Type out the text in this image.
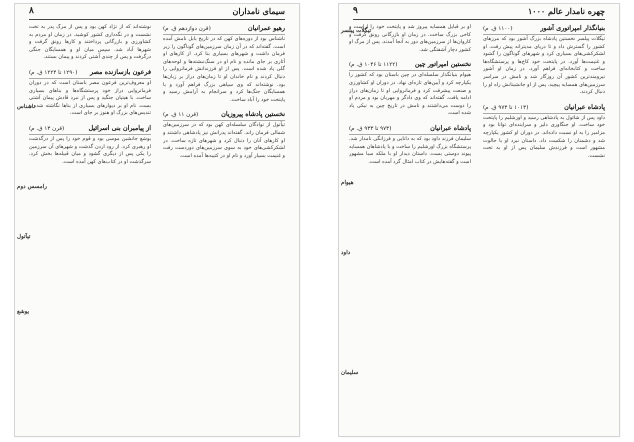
۸	سیمای نامداران
رهیو عمرانیان
(قرن دوازدهم ق. م)

ناشناس بود از دوره‌های کهن که در تاریخ بابل نامش آمده است. گفته‌اند که در آن زمان سرزمین‌های گوناگون را زیر فرمان داشت و شهرهای بسیاری بنا کرد. از کارهای او آثاری بر جای مانده و نام او در سنگ‌نبشته‌ها و لوحه‌های گلی یاد شده است. پس از او فرزندانش فرمانروایی را دنبال کردند و نام خاندان او تا زمان‌های دراز بر زبان‌ها بود. نوشته‌اند که وی سپاهی بزرگ فراهم آورد و با همسایگان جنگ‌ها کرد و سرانجام به آرامش رسید و پایتخت خود را آباد ساخت.

نخستین پادشاه پیروزیان
(قرن ۱۱ ق. م)

تیآتول از نوادگان سلسله‌ای کهن بود که در سرزمین‌های شمالی فرمان راند. گفته‌اند پدرانش نیز پادشاهی داشتند و او کارهای آنان را دنبال کرد و شهرهای تازه ساخت. در لشکرکشی‌های خود به سوی سرزمین‌های دوردست رفت و غنیمت بسیار آورد و نام او در کتیبه‌ها آمده است.

نوشته‌اند که از نژاد کهن بود و پس از مرگ پدر به تخت نشست و در نگه‌داری کشور کوشید. در زمان او مردم به کشاورزی و بازرگانی پرداختند و کارها رونق گرفت و شهرها آباد شد. سپس میان او و همسایگان جنگی درگرفت و پس از چندی آشتی کردند و پیمان بستند.

فرعون بازسازنده مصر
(۱۲۹۰ تا ۱۲۲۴ ق. م)

او معروف‌ترین فرعون مصر باستان است که در دوران فرمانروایی دراز خود پرستشگاه‌ها و بناهای بسیاری ساخت. با هیتیان جنگید و پس از نبرد قادش پیمان آشتی بست. نام او بر دیوارهای بسیاری از بناها نگاشته شده و تندیس‌های بزرگ او هنوز بر جای است.

از پیامبران بنی اسرائیل
(قرن ۱۳ ق. م)

یوشع جانشین موسی بود و قوم خود را پس از درگذشت او رهبری کرد. از رود اردن گذشت و شهرهای آن سرزمین را یکی پس از دیگری گشود و میان قبیله‌ها بخش کرد. سرگذشت او در کتاب‌های کهن آمده است.

ناشناس
تیآتول
رامسس دوم
یوشع
۹	۱۰۰۰ چهره نامدار عالم
بنیانگذار امپراتوری آشور
(۱۱۰۰ ق. م)

تیگلات پیلسر نخستین پادشاه بزرگ آشور بود که مرزهای کشور را گسترش داد و تا دریای مدیترانه پیش رفت. او لشکرکشی‌های بسیاری کرد و شهرهای گوناگون را گشود و غنیمت‌ها آورد. در پایتخت خود کاخ‌ها و پرستشگاه‌ها ساخت و کتابخانه‌ای فراهم آورد. در زمان او آشور نیرومندترین کشور آن روزگار شد و نامش در سراسر سرزمین‌های همسایه پیچید. پس از او جانشینانش راه او را دنبال کردند.

پادشاه عبرانیان
(۱۰۱۳ تا ۹۷۳ ق. م)

داود پس از شائول به پادشاهی رسید و اورشلیم را پایتخت خود ساخت. او جنگاوری دلیر و سراینده‌ای توانا بود و مزامیر را به او نسبت داده‌اند. در دوران او کشور یکپارچه شد و دشمنان را شکست داد. داستان نبرد او با جالوت مشهور است و فرزندش سلیمان پس از او به تخت نشست.

او بر قبایل همسایه پیروز شد و پایتخت خود را آراست و کاخی بزرگ ساخت. در زمان او بازرگانی رونق گرفت و کاروان‌ها از سرزمین‌های دور به آنجا آمدند. پس از مرگ او کشور دچار آشفتگی شد.

نخستین امپراتور چین
(۱۱۲۲ تا ۱۰۴۶ ق. م)

هیوام بنیانگذار سلسله‌ای در چین باستان بود که کشور را یکپارچه کرد و آیین‌های تازه‌ای نهاد. در دوران او کشاورزی و صنعت پیشرفت کرد و فرمانروایی او تا زمان‌های دراز ادامه یافت. گفته‌اند که وی دادگر و مهربان بود و مردم او را دوست می‌داشتند و نامش در تاریخ چین به نیکی یاد شده است.

پادشاه عبرانیان
(۹۷۳ تا ۹۳۳ ق. م)

سلیمان فرزند داود بود که به دانایی و فرزانگی نامدار شد. پرستشگاه بزرگ اورشلیم را ساخت و با پادشاهان همسایه پیوند دوستی بست. داستان دیدار او با ملکه سبا مشهور است و گفته‌هایش در کتاب امثال گرد آمده است.

تیگلات پیلسر
داود
هیوام
سلیمان
